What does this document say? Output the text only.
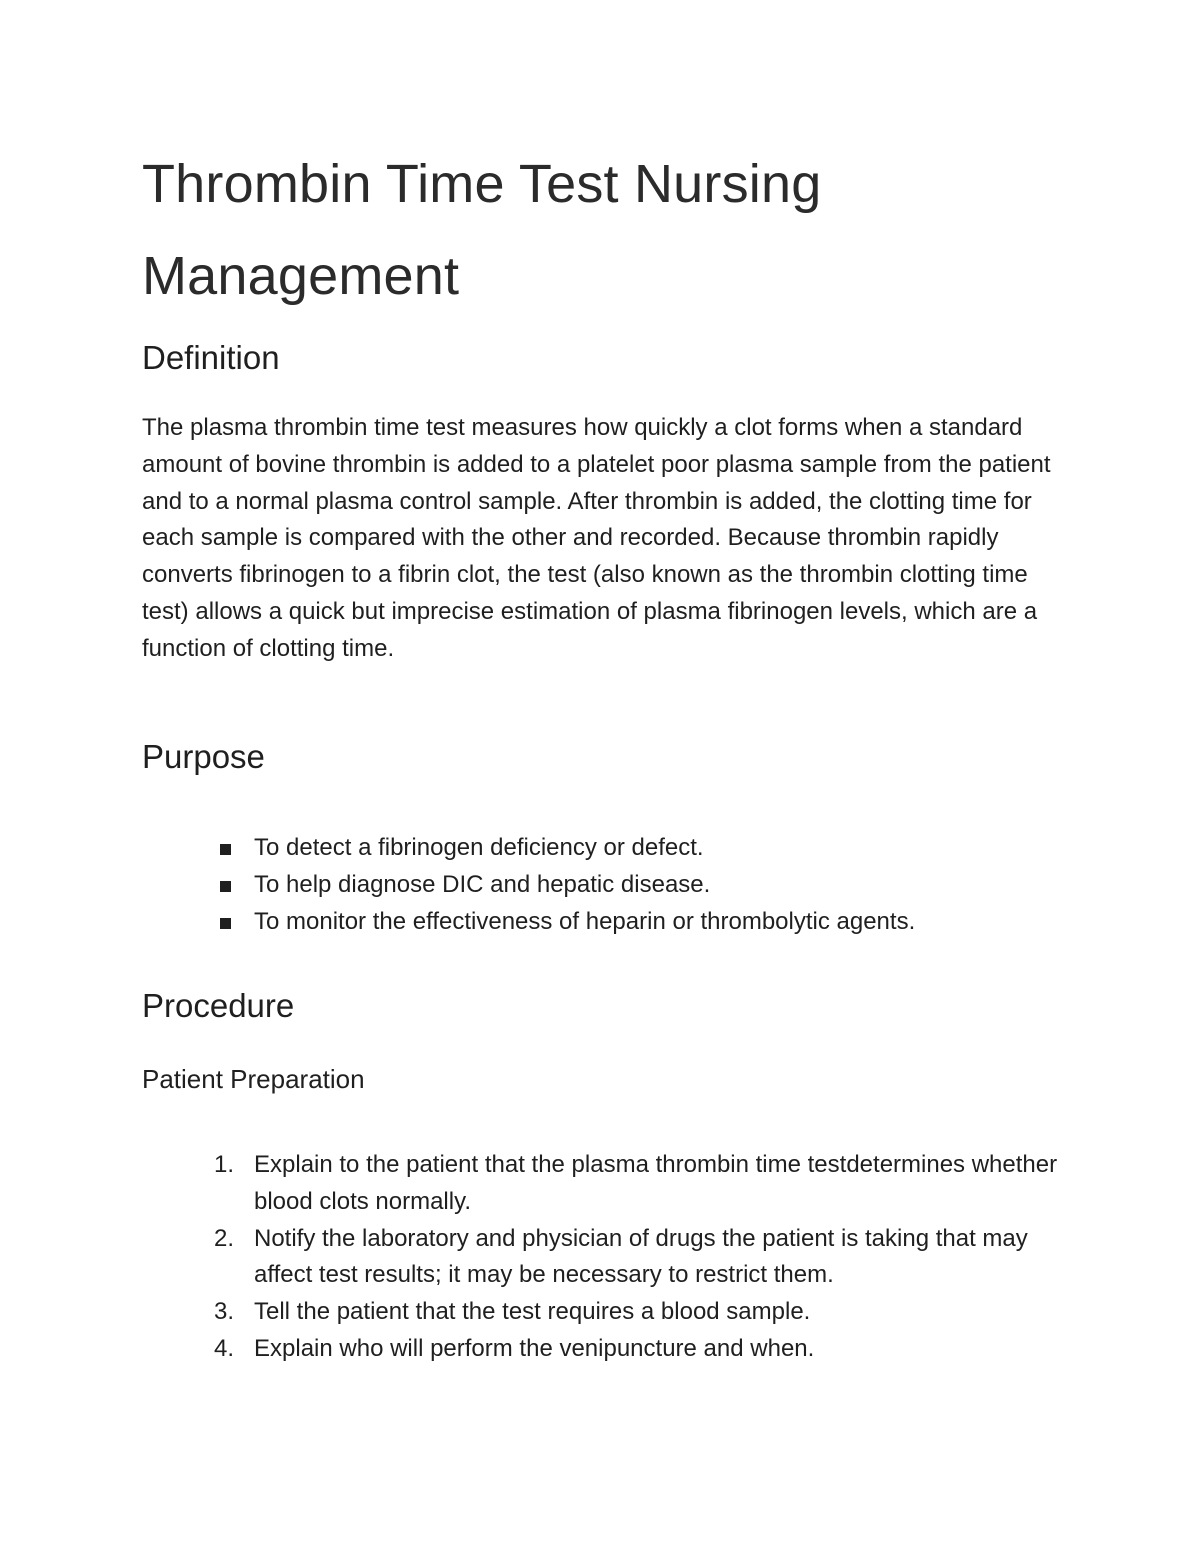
Thrombin Time Test Nursing Management
Definition

The plasma thrombin time test measures how quickly a clot forms when a standard amount of bovine thrombin is added to a platelet poor plasma sample from the patient and to a normal plasma control sample. After thrombin is added, the clotting time for each sample is compared with the other and recorded. Because thrombin rapidly converts fibrinogen to a fibrin clot, the test (also known as the thrombin clotting time test) allows a quick but imprecise estimation of plasma fibrinogen levels, which are a function of clotting time.

Purpose
To detect a fibrinogen deficiency or defect.
To help diagnose DIC and hepatic disease.
To monitor the effectiveness of heparin or thrombolytic agents.
Procedure
Patient Preparation
1. Explain to the patient that the plasma thrombin time testdetermines whether blood clots normally.
2. Notify the laboratory and physician of drugs the patient is taking that may affect test results; it may be necessary to restrict them.
3. Tell the patient that the test requires a blood sample.
4. Explain who will perform the venipuncture and when.
